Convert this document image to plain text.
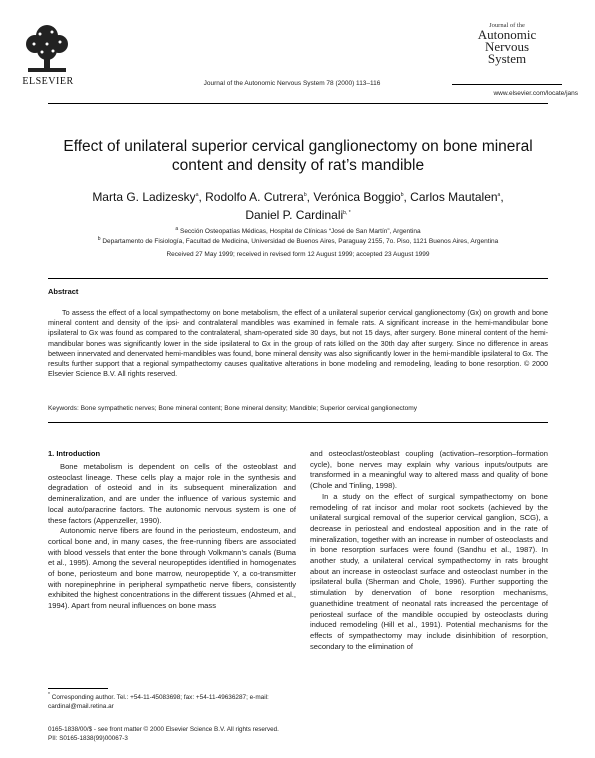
ELSEVIER	Journal of the Autonomic Nervous System 78 (2000) 113–116
Journal of the
Autonomic
Nervous
System
www.elsevier.com/locate/jans
Effect of unilateral superior cervical ganglionectomy on bone mineral
content and density of rat’s mandible
Marta G. Ladizesky$^a$, Rodolfo A. Cutrera$^b$, Verónica Boggio$^b$, Carlos Mautalen$^a$,
Daniel P. Cardinali$^{b, *}$
$^a$ Sección Osteopatías Médicas, Hospital de Clínicas “José de San Martín”, Argentina
$^b$ Departamento de Fisiología, Facultad de Medicina, Universidad de Buenos Aires, Paraguay 2155, 7o. Piso, 1121 Buenos Aires, Argentina
Received 27 May 1999; received in revised form 12 August 1999; accepted 23 August 1999
Abstract
To assess the effect of a local sympathectomy on bone metabolism, the effect of a unilateral superior cervical ganglionectomy (Gx) on growth and bone mineral content and density of the ipsi- and contralateral mandibles was examined in female rats. A significant increase in the hemi-mandibular bone ipsilateral to Gx was found as compared to the contralateral, sham-operated side 30 days, but not 15 days, after surgery. Bone mineral content of the hemi-mandibular bones was significantly lower in the side ipsilateral to Gx in the group of rats killed on the 30th day after surgery. Since no difference in areas between innervated and denervated hemi-mandibles was found, bone mineral density was also significantly lower in the hemi-mandible ipsilateral to Gx. The results further support that a regional sympathectomy causes qualitative alterations in bone modeling and remodeling, leading to bone resorption. © 2000 Elsevier Science B.V. All rights reserved.
Keywords: Bone sympathetic nerves; Bone mineral content; Bone mineral density; Mandible; Superior cervical ganglionectomy
1. Introduction

Bone metabolism is dependent on cells of the osteoblast and osteoclast lineage. These cells play a major role in the synthesis and degradation of osteoid and in its subsequent mineralization and demineralization, and are under the influence of various systemic and local auto/paracrine factors. The autonomic nervous system is one of these factors (Appenzeller, 1990).

Autonomic nerve fibers are found in the periosteum, endosteum, and cortical bone and, in many cases, the free-running fibers are associated with blood vessels that enter the bone through Volkmann’s canals (Buma et al., 1995). Among the several neuropeptides identified in homogenates of bone, periosteum and bone marrow, neuropeptide Y, a co-transmitter with norepinephrine in peripheral sympathetic nerve fibers, consistently exhibited the highest concentrations in the different tissues (Ahmed et al., 1994). Apart from neural influences on bone mass

and osteoclast/osteoblast coupling (activation–resorption–formation cycle), bone nerves may explain why various inputs/outputs are transformed in a meaningful way to altered mass and quality of bone (Chole and Tinling, 1998).

In a study on the effect of surgical sympathectomy on bone remodeling of rat incisor and molar root sockets (achieved by the unilateral surgical removal of the superior cervical ganglion, SCG), a decrease in periosteal and endosteal apposition and in the rate of mineralization, together with an increase in number of osteoclasts and in bone resorption surfaces were found (Sandhu et al., 1987). In another study, a unilateral cervical sympathectomy in rats brought about an increase in osteoclast surface and osteoclast number in the ipsilateral bulla (Sherman and Chole, 1996). Further supporting the stimulation by denervation of bone resorption mechanisms, guanethidine treatment of neonatal rats increased the percentage of periosteal surface of the mandible occupied by osteoclasts during induced remodeling (Hill et al., 1991). Potential mechanisms for the effects of sympathectomy may include disinhibition of resorption, secondary to the elimination of

* Corresponding author. Tel.: +54-11-45083698; fax: +54-11-49636287; e-mail: cardinal@mail.retina.ar
0165-1838/00/$ - see front matter © 2000 Elsevier Science B.V. All rights reserved.
PII: S0165-1838(99)00067-3
